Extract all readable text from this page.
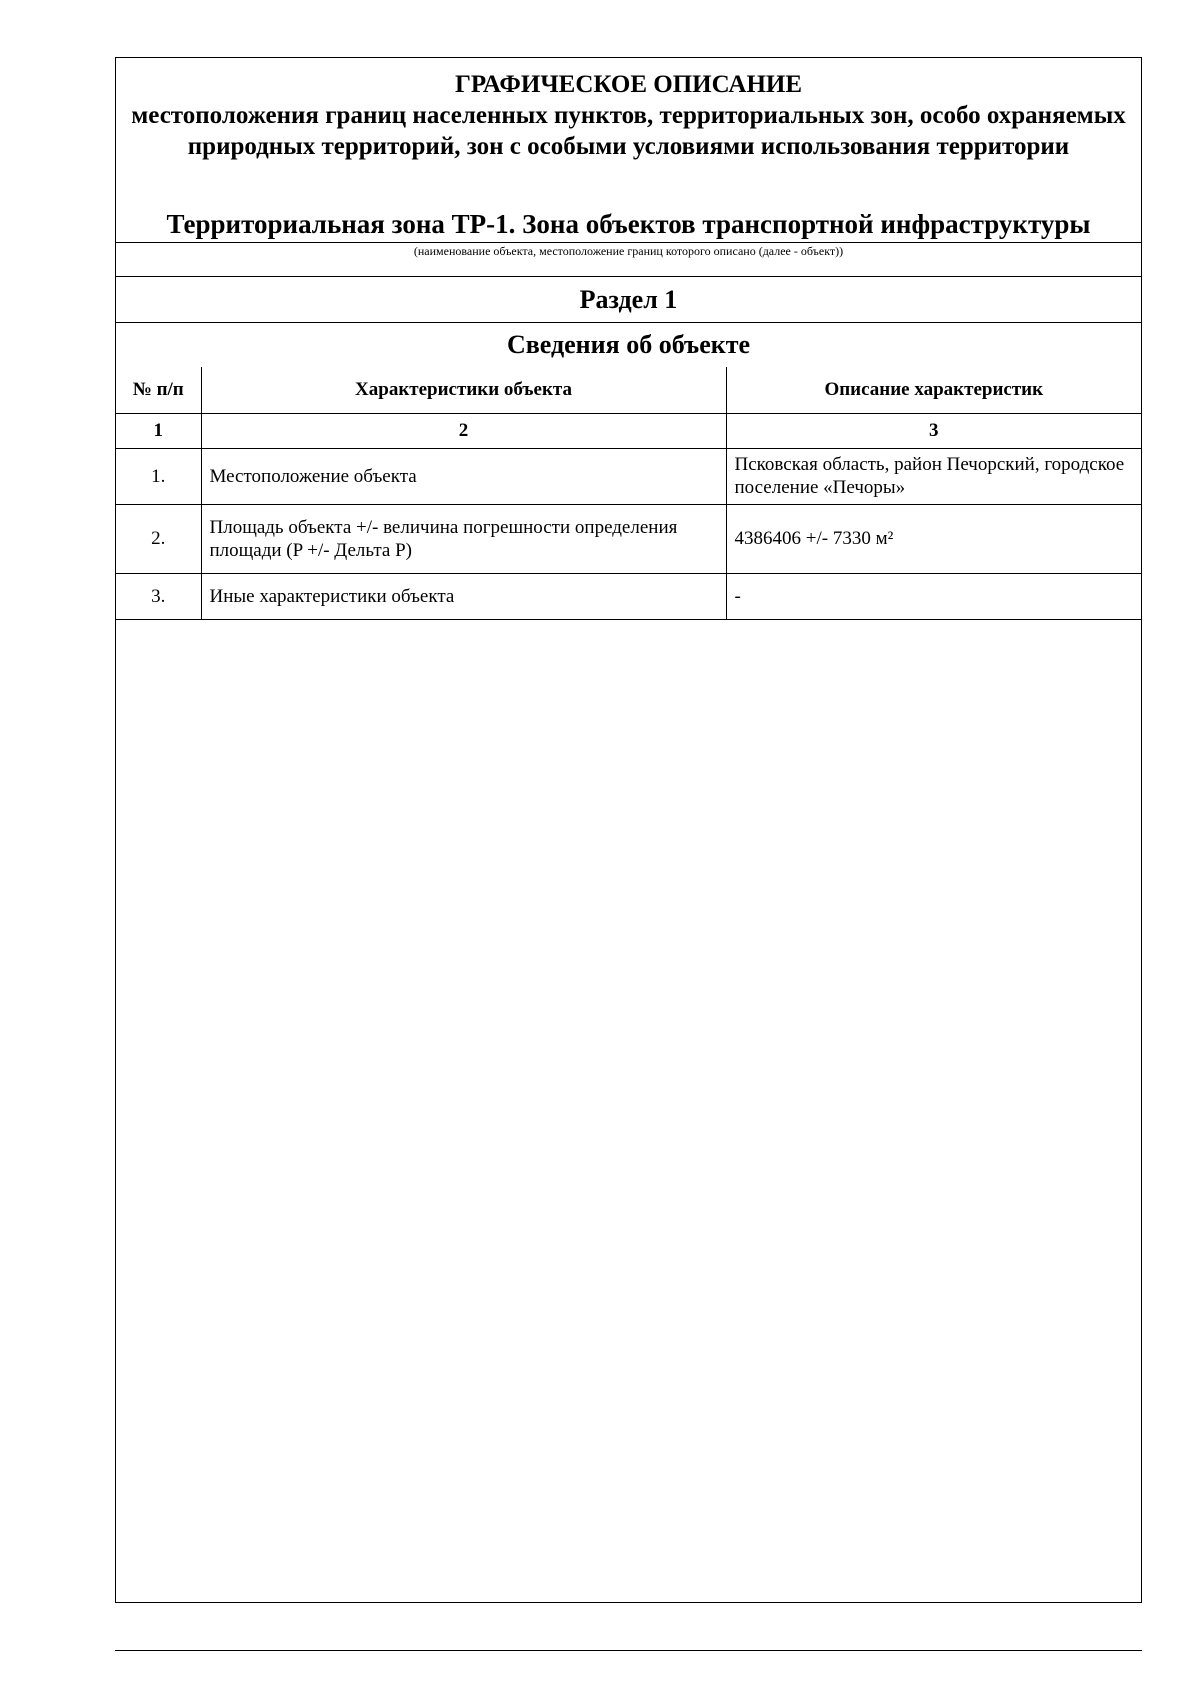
ГРАФИЧЕСКОЕ ОПИСАНИЕ
местоположения границ населенных пунктов, территориальных зон, особо охраняемых природных территорий, зон с особыми условиями использования территории
Территориальная зона ТР-1. Зона объектов транспортной инфраструктуры
(наименование объекта, местоположение границ которого описано (далее - объект))
Раздел 1
Сведения об объекте
№ п/п	Характеристики объекта	Описание характеристик
1	2	3
1.	Местоположение объекта	Псковская область, район Печорский, городское поселение «Печоры»
2.	Площадь объекта +/- величина погрешности определения площади (P +/- Дельта P)	4386406 +/- 7330 м²
3.	Иные характеристики объекта	-
